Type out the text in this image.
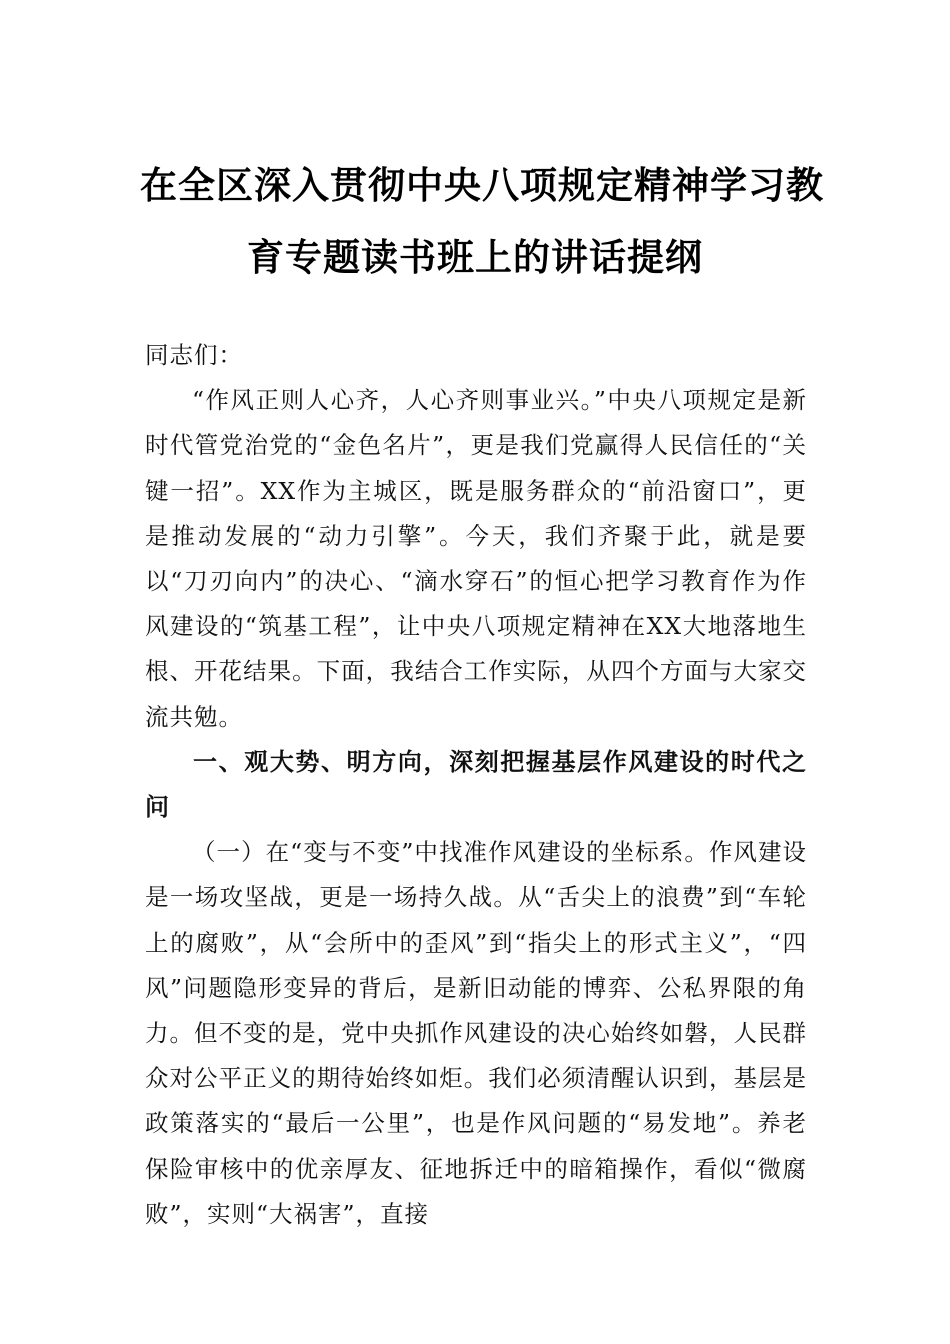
在全区深入贯彻中央八项规定精神学习教
育专题读书班上的讲话提纲

同志们：

“作风正则人心齐，人心齐则事业兴。”中央八项规定是新时代管党治党的“金色名片”，更是我们党赢得人民信任的“关键一招”。XX作为主城区，既是服务群众的“前沿窗口”，更是推动发展的“动力引擎”。今天，我们齐聚于此，就是要以“刀刃向内”的决心、“滴水穿石”的恒心把学习教育作为作风建设的“筑基工程”，让中央八项规定精神在XX大地落地生根、开花结果。下面，我结合工作实际，从四个方面与大家交流共勉。

一、观大势、明方向，深刻把握基层作风建设的时代之问

（一）在“变与不变”中找准作风建设的坐标系。作风建设是一场攻坚战，更是一场持久战。从“舌尖上的浪费”到“车轮上的腐败”，从“会所中的歪风”到“指尖上的形式主义”，“四风”问题隐形变异的背后，是新旧动能的博弈、公私界限的角力。但不变的是，党中央抓作风建设的决心始终如磐，人民群众对公平正义的期待始终如炬。我们必须清醒认识到，基层是政策落实的“最后一公里”，也是作风问题的“易发地”。养老保险审核中的优亲厚友、征地拆迁中的暗箱操作，看似“微腐败”，实则“大祸害”，直接
